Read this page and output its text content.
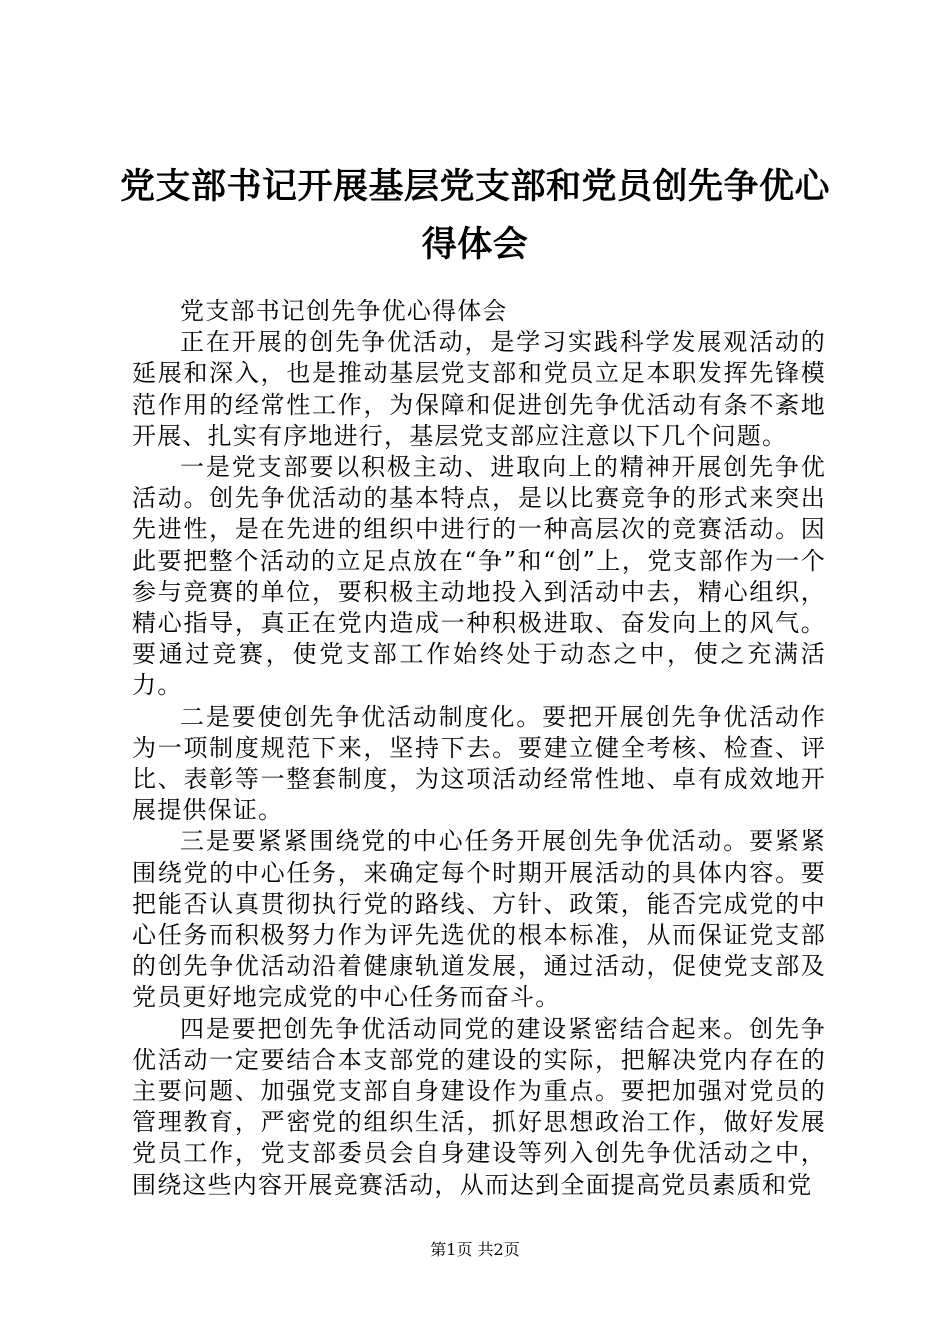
党支部书记开展基层党支部和党员创先争优心得体会

党支部书记创先争优心得体会

正在开展的创先争优活动，是学习实践科学发展观活动的延展和深入，也是推动基层党支部和党员立足本职发挥先锋模范作用的经常性工作，为保障和促进创先争优活动有条不紊地开展、扎实有序地进行，基层党支部应注意以下几个问题。

一是党支部要以积极主动、进取向上的精神开展创先争优活动。创先争优活动的基本特点，是以比赛竞争的形式来突出先进性，是在先进的组织中进行的一种高层次的竞赛活动。因此要把整个活动的立足点放在“争”和“创”上，党支部作为一个参与竞赛的单位，要积极主动地投入到活动中去，精心组织，精心指导，真正在党内造成一种积极进取、奋发向上的风气。要通过竞赛，使党支部工作始终处于动态之中，使之充满活力。

二是要使创先争优活动制度化。要把开展创先争优活动作为一项制度规范下来，坚持下去。要建立健全考核、检查、评比、表彰等一整套制度，为这项活动经常性地、卓有成效地开展提供保证。

三是要紧紧围绕党的中心任务开展创先争优活动。要紧紧围绕党的中心任务，来确定每个时期开展活动的具体内容。要把能否认真贯彻执行党的路线、方针、政策，能否完成党的中心任务而积极努力作为评先选优的根本标准，从而保证党支部的创先争优活动沿着健康轨道发展，通过活动，促使党支部及党员更好地完成党的中心任务而奋斗。

四是要把创先争优活动同党的建设紧密结合起来。创先争优活动一定要结合本支部党的建设的实际，把解决党内存在的主要问题、加强党支部自身建设作为重点。要把加强对党员的管理教育，严密党的组织生活，抓好思想政治工作，做好发展党员工作，党支部委员会自身建设等列入创先争优活动之中，围绕这些内容开展竞赛活动，从而达到全面提高党员素质和党

第1页 共2页
